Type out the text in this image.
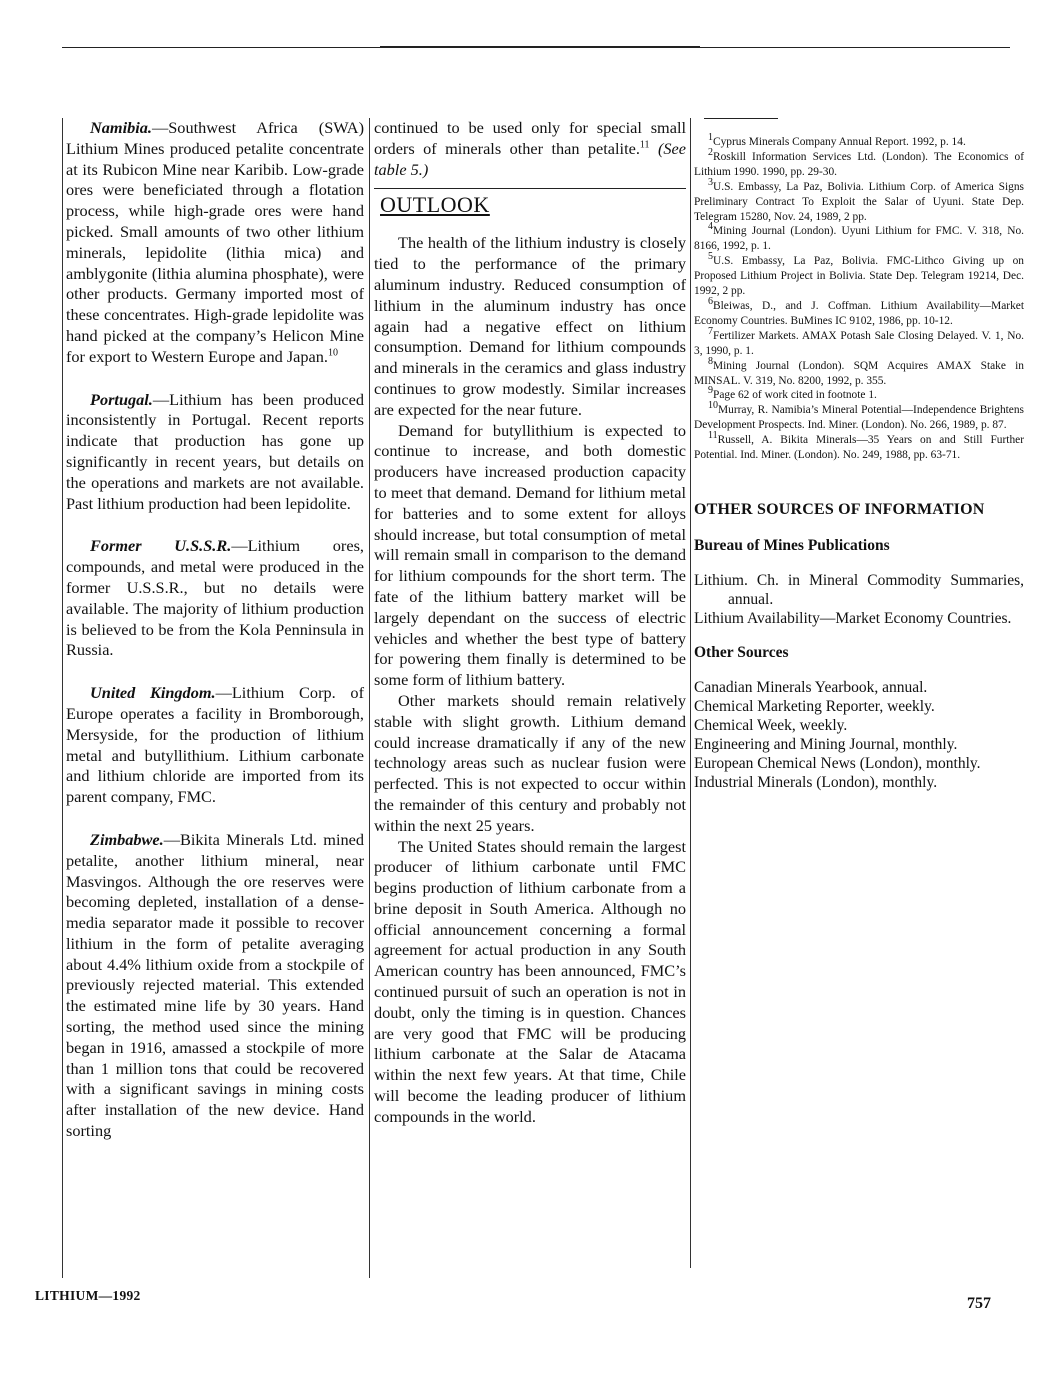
Namibia.—Southwest Africa (SWA) Lithium Mines produced petalite concentrate at its Rubicon Mine near Karibib. Low-grade ores were beneficiated through a flotation process, while high-grade ores were hand picked. Small amounts of two other lithium minerals, lepidolite (lithia mica) and amblygonite (lithia alumina phosphate), were other products. Germany imported most of these concentrates. High-grade lepidolite was hand picked at the company’s Helicon Mine for export to Western Europe and Japan.$^{10}$

Portugal.—Lithium has been produced inconsistently in Portugal. Recent reports indicate that production has gone up significantly in recent years, but details on the operations and markets are not available. Past lithium production had been lepidolite.

Former U.S.S.R.—Lithium ores, compounds, and metal were produced in the former U.S.S.R., but no details were available. The majority of lithium production is believed to be from the Kola Penninsula in Russia.

United Kingdom.—Lithium Corp. of Europe operates a facility in Bromborough, Mersyside, for the production of lithium metal and butyllithium. Lithium carbonate and lithium chloride are imported from its parent company, FMC.

Zimbabwe.—Bikita Minerals Ltd. mined petalite, another lithium mineral, near Masvingos. Although the ore reserves were becoming depleted, installation of a dense-media separator made it possible to recover lithium in the form of petalite averaging about 4.4% lithium oxide from a stockpile of previously rejected material. This extended the estimated mine life by 30 years. Hand sorting, the method used since the mining began in 1916, amassed a stockpile of more than 1 million tons that could be recovered with a significant savings in mining costs after installation of the new device. Hand sorting

continued to be used only for special small orders of minerals other than petalite.$^{11}$ (See table 5.)

OUTLOOK

The health of the lithium industry is closely tied to the performance of the primary aluminum industry. Reduced consumption of lithium in the aluminum industry has once again had a negative effect on lithium consumption. Demand for lithium compounds and minerals in the ceramics and glass industry continues to grow modestly. Similar increases are expected for the near future.

Demand for butyllithium is expected to continue to increase, and both domestic producers have increased production capacity to meet that demand. Demand for lithium metal for batteries and to some extent for alloys should increase, but total consumption of metal will remain small in comparison to the demand for lithium compounds for the short term. The fate of the lithium battery market will be largely dependant on the success of electric vehicles and whether the best type of battery for powering them finally is determined to be some form of lithium battery.

Other markets should remain relatively stable with slight growth. Lithium demand could increase dramatically if any of the new technology areas such as nuclear fusion were perfected. This is not expected to occur within the remainder of this century and probably not within the next 25 years.

The United States should remain the largest producer of lithium carbonate until FMC begins production of lithium carbonate from a brine deposit in South America. Although no official announcement concerning a formal agreement for actual production in any South American country has been announced, FMC’s continued pursuit of such an operation is not in doubt, only the timing is in question. Chances are very good that FMC will be producing lithium carbonate at the Salar de Atacama within the next few years. At that time, Chile will become the leading producer of lithium compounds in the world.

$^1$Cyprus Minerals Company Annual Report. 1992, p. 14.

$^2$Roskill Information Services Ltd. (London). The Economics of Lithium 1990. 1990, pp. 29-30.

$^3$U.S. Embassy, La Paz, Bolivia. Lithium Corp. of America Signs Preliminary Contract To Exploit the Salar of Uyuni. State Dep. Telegram 15280, Nov. 24, 1989, 2 pp.

$^4$Mining Journal (London). Uyuni Lithium for FMC. V. 318, No. 8166, 1992, p. 1.

$^5$U.S. Embassy, La Paz, Bolivia. FMC-Lithco Giving up on Proposed Lithium Project in Bolivia. State Dep. Telegram 19214, Dec. 1992, 2 pp.

$^6$Bleiwas, D., and J. Coffman. Lithium Availability—Market Economy Countries. BuMines IC 9102, 1986, pp. 10-12.

$^7$Fertilizer Markets. AMAX Potash Sale Closing Delayed. V. 1, No. 3, 1990, p. 1.

$^8$Mining Journal (London). SQM Acquires AMAX Stake in MINSAL. V. 319, No. 8200, 1992, p. 355.

$^9$Page 62 of work cited in footnote 1.

$^{10}$Murray, R. Namibia’s Mineral Potential—Independence Brightens Development Prospects. Ind. Miner. (London). No. 266, 1989, p. 87.

$^{11}$Russell, A. Bikita Minerals—35 Years on and Still Further Potential. Ind. Miner. (London). No. 249, 1988, pp. 63-71.

OTHER SOURCES OF INFORMATION
Bureau of Mines Publications

Lithium. Ch. in Mineral Commodity Summaries, annual.

Lithium Availability—Market Economy Countries.

Other Sources

Canadian Minerals Yearbook, annual.

Chemical Marketing Reporter, weekly.

Chemical Week, weekly.

Engineering and Mining Journal, monthly.

European Chemical News (London), monthly.

Industrial Minerals (London), monthly.

LITHIUM—1992	757
